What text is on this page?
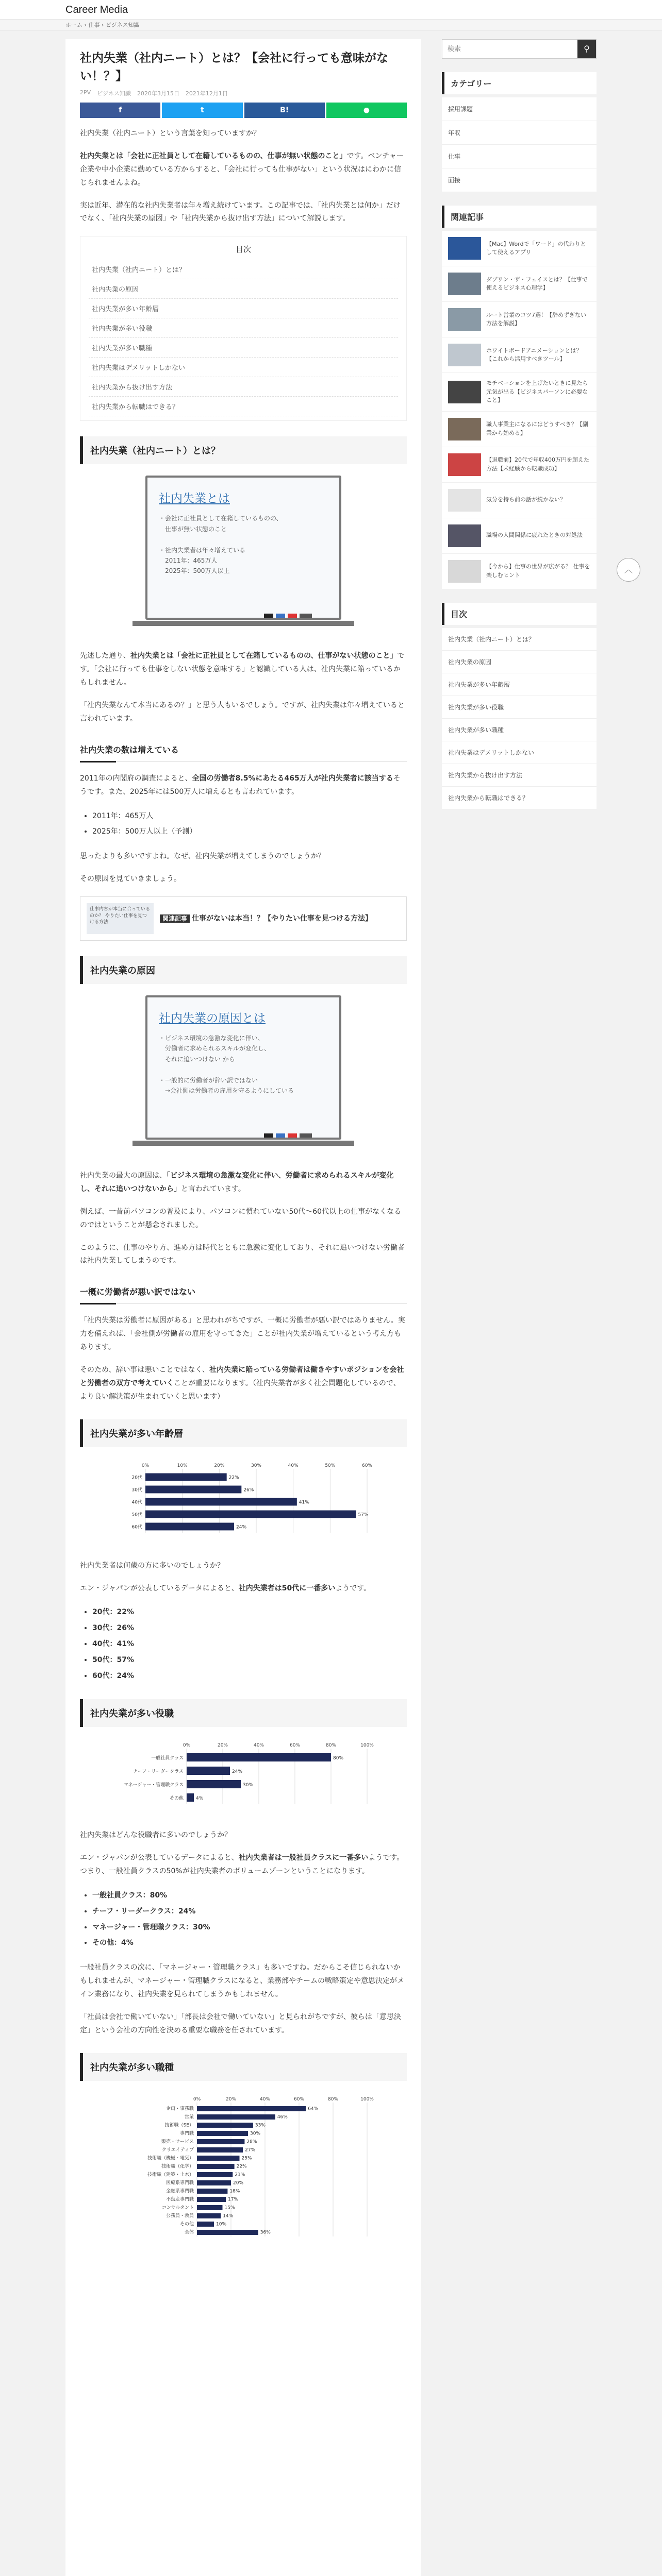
Career Media
ホーム › 仕事 › ビジネス知識
社内失業（社内ニート）とは？【会社に行っても意味がない！？】
2PV ビジネス知識 2020年3月15日 2021年12月1日
f	t	B!	●

社内失業（社内ニート）という言葉を知っていますか？

社内失業とは「会社に正社員として在籍しているものの、仕事が無い状態のこと」です。ベンチャー企業や中小企業に勤めている方からすると、「会社に行っても仕事がない」という状況はにわかに信じられませんよね。

実は近年、潜在的な社内失業者は年々増え続けています。この記事では、「社内失業とは何か」だけでなく、「社内失業の原因」や「社内失業から抜け出す方法」について解説します。

目次
社内失業（社内ニート）とは？
社内失業の原因
社内失業が多い年齢層
社内失業が多い役職
社内失業が多い職種
社内失業はデメリットしかない
社内失業から抜け出す方法
社内失業から転職はできる？
社内失業（社内ニート）とは？
社内失業とは
・会社に正社員として在籍しているものの、
　仕事が無い状態のこと

・社内失業者は年々増えている
　2011年：465万人
　2025年：500万人以上

先述した通り、社内失業とは「会社に正社員として在籍しているものの、仕事がない状態のこと」です。「会社に行っても仕事をしない状態を意味する」と認識している人は、社内失業に陥っているかもしれません。

「社内失業なんて本当にあるの？」と思う人もいるでしょう。ですが、社内失業は年々増えていると言われています。

社内失業の数は増えている

2011年の内閣府の調査によると、全国の労働者8.5%にあたる465万人が社内失業者に該当するそうです。また、2025年には500万人に増えるとも言われています。

• 2011年：465万人
• 2025年：500万人以上（予測）

思ったよりも多いですよね。なぜ、社内失業が増えてしまうのでしょうか？

その原因を見ていきましょう。

仕事内容が本当に合っているのか？ やりたい仕事を見つける方法
関連記事 仕事がないは本当！？【やりたい仕事を見つける方法】
社内失業の原因
社内失業の原因とは
・ビジネス環境の急激な変化に伴い、
　労働者に求められるスキルが変化し、
　それに追いつけない から

・一般的に労働者が辞い訳ではない
　→会社側は労働者の雇用を守るようにしている

社内失業の最大の原因は、「ビジネス環境の急激な変化に伴い、労働者に求められるスキルが変化し、それに追いつけないから」と言われています。

例えば、一昔前パソコンの普及により、パソコンに慣れていない50代～60代以上の仕事がなくなるのではということが懸念されました。

このように、仕事のやり方、進め方は時代とともに急激に変化しており、それに追いつけない労働者は社内失業してしまうのです。

一概に労働者が悪い訳ではない

「社内失業は労働者に原因がある」と思われがちですが、一概に労働者が悪い訳ではありません。実力を備えれば、「会社側が労働者の雇用を守ってきた」ことが社内失業が増えているという考え方もあります。

そのため、辞い事は悪いことではなく、社内失業に陥っている労働者は働きやすいポジションを会社と労働者の双方で考えていくことが重要になります。（社内失業者が多く社会問題化しているので、より良い解決策が生まれていくと思います）

社内失業が多い年齢層
0%	10%	20%	30%	40%	50%	60%
20代	22%
30代	26%
40代	41%
50代	57%
60代	24%

社内失業者は何歳の方に多いのでしょうか？

エン・ジャパンが公表しているデータによると、社内失業者は50代に一番多いようです。

• 20代：22%
• 30代：26%
• 40代：41%
• 50代：57%
• 60代：24%
社内失業が多い役職
0%	20%	40%	60%	80%	100%
一般社員クラス	80%
チーフ・リーダークラス	24%
マネージャー・管理職クラス	30%
その他	4%

社内失業はどんな役職者に多いのでしょうか？

エン・ジャパンが公表しているデータによると、社内失業者は一般社員クラスに一番多いようです。つまり、一般社員クラスの50%が社内失業者のボリュームゾーンということになります。

• 一般社員クラス：80%
• チーフ・リーダークラス：24%
• マネージャー・管理職クラス：30%
• その他：4%

一般社員クラスの次に、「マネージャー・管理職クラス」も多いですね。だからこそ信じられないかもしれませんが、マネージャー・管理職クラスになると、業務部やチームの戦略策定や意思決定がメイン業務になり、社内失業を見られてしまうかもしれません。

「社員は会社で働いていない」「部長は会社で働いていない」と見られがちですが、彼らは「意思決定」という会社の方向性を決める重要な職務を任されています。

社内失業が多い職種
0%	20%	40%	60%	80%	100%
企画・事務職	64%
営業	46%
技術職（SE）	33%
専門職	30%
販売・サービス	28%
クリエイティブ	27%
技術職（機械・電気）	25%
技術職（化学）	22%
技術職（建築・土木）	21%
医療系専門職	20%
金融系専門職	18%
不動産専門職	17%
コンサルタント	15%
公務員・教員	14%
その他	10%
全体	36%
検索
⚲
カテゴリー
採用課題
年収
仕事
面接
関連記事
【Mac】Wordで「ワード」の代わりとして使えるアプリ
ダブリン・ザ・フェイスとは？【仕事で使えるビジネス心理学】
ルート営業のコツ7選！【辞めずぎない方法を解説】
ホワイトボードアニメーションとは？【これから活用すべきツール】
モチベーションを上げたいときに見たら元気が出る【ビジネスパーソンに必要なこと】
職人事業主になるにはどうすべき？【副業から始める】
【退職前】20代で年収400万円を超えた方法【未経験から転職成功】
気分を持ち前の話が続かない？
職場の人間関係に疲れたときの対処法
【今から】仕事の世界が広がる？ 仕事を楽しむヒント
目次
社内失業（社内ニート）とは？
社内失業の原因
社内失業が多い年齢層
社内失業が多い役職
社内失業が多い職種
社内失業はデメリットしかない
社内失業から抜け出す方法
社内失業から転職はできる？
︿
